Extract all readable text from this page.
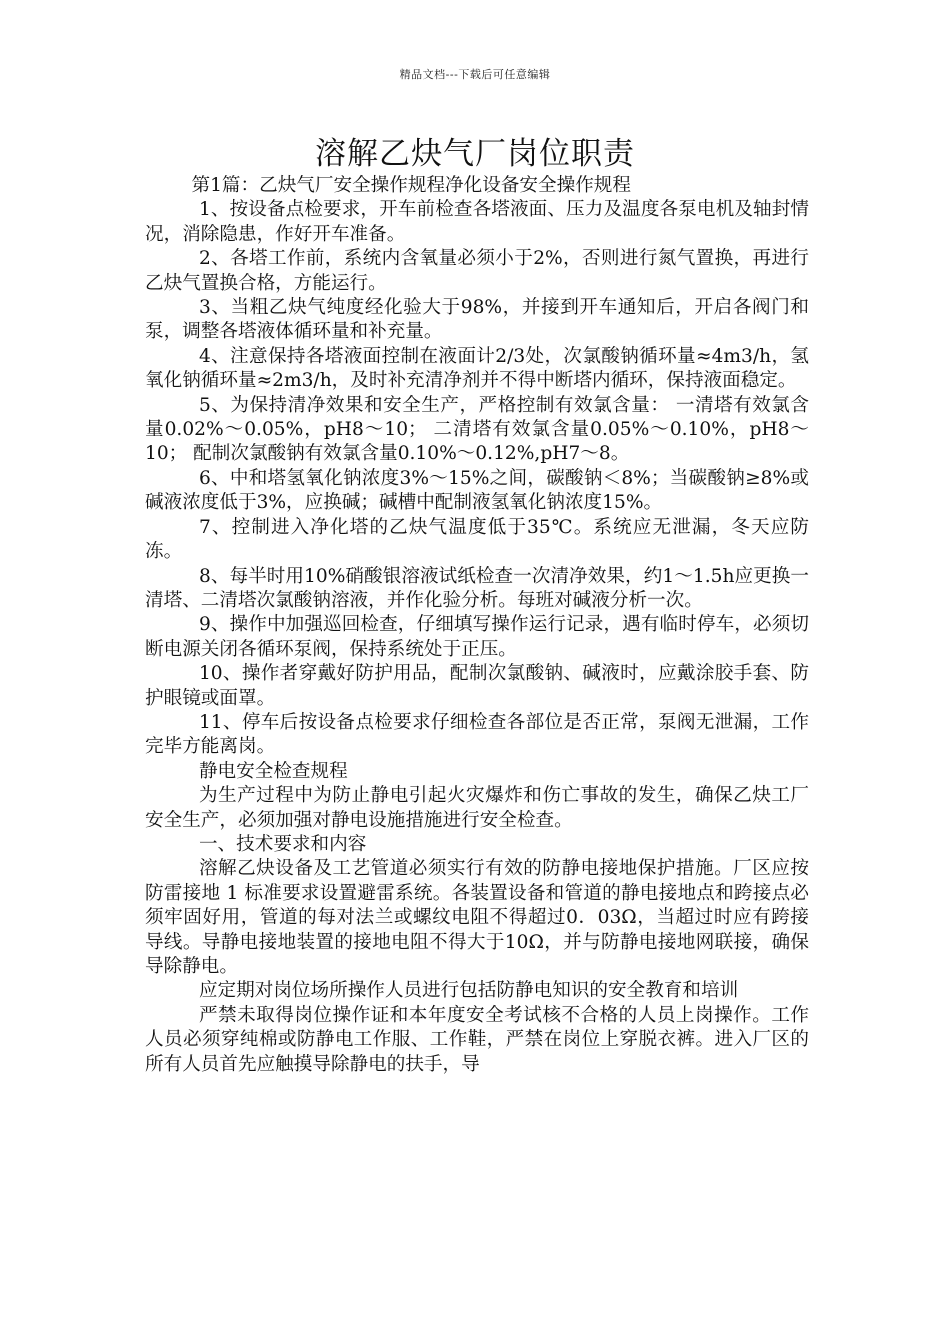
精品文档---下载后可任意编辑
溶解乙炔气厂岗位职责

第1篇：乙炔气厂安全操作规程净化设备安全操作规程

1、按设备点检要求，开车前检查各塔液面、压力及温度各泵电机及轴封情况，消除隐患，作好开车准备。

2、各塔工作前，系统内含氧量必须小于2%，否则进行氮气置换，再进行乙炔气置换合格，方能运行。

3、当粗乙炔气纯度经化验大于98%，并接到开车通知后，开启各阀门和泵，调整各塔液体循环量和补充量。

4、注意保持各塔液面控制在液面计2/3处，次氯酸钠循环量≈4m3/h，氢氧化钠循环量≈2m3/h，及时补充清净剂并不得中断塔内循环，保持液面稳定。

5、为保持清净效果和安全生产，严格控制有效氯含量： 一清塔有效氯含量0.02%～0.05%，pH8～10； 二清塔有效氯含量0.05%～0.10%，pH8～10； 配制次氯酸钠有效氯含量0.10%～0.12%,pH7～8。

6、中和塔氢氧化钠浓度3%～15%之间，碳酸钠＜8%；当碳酸钠≥8%或碱液浓度低于3%，应换碱；碱槽中配制液氢氧化钠浓度15%。

7、控制进入净化塔的乙炔气温度低于35℃。系统应无泄漏，冬天应防冻。

8、每半时用10%硝酸银溶液试纸检查一次清净效果，约1～1.5h应更换一清塔、二清塔次氯酸钠溶液，并作化验分析。每班对碱液分析一次。

9、操作中加强巡回检查，仔细填写操作运行记录，遇有临时停车，必须切断电源关闭各循环泵阀，保持系统处于正压。

10、操作者穿戴好防护用品，配制次氯酸钠、碱液时，应戴涂胶手套、防护眼镜或面罩。

11、停车后按设备点检要求仔细检查各部位是否正常，泵阀无泄漏，工作完毕方能离岗。

静电安全检查规程

为生产过程中为防止静电引起火灾爆炸和伤亡事故的发生，确保乙炔工厂安全生产，必须加强对静电设施措施进行安全检查。

一、技术要求和内容

溶解乙炔设备及工艺管道必须实行有效的防静电接地保护措施。厂区应按防雷接地 1 标准要求设置避雷系统。各装置设备和管道的静电接地点和跨接点必须牢固好用，管道的每对法兰或螺纹电阻不得超过0．03Ω，当超过时应有跨接导线。导静电接地装置的接地电阻不得大于10Ω，并与防静电接地网联接，确保导除静电。

应定期对岗位场所操作人员进行包括防静电知识的安全教育和培训

严禁未取得岗位操作证和本年度安全考试核不合格的人员上岗操作。工作人员必须穿纯棉或防静电工作服、工作鞋，严禁在岗位上穿脱衣裤。进入厂区的所有人员首先应触摸导除静电的扶手，导
